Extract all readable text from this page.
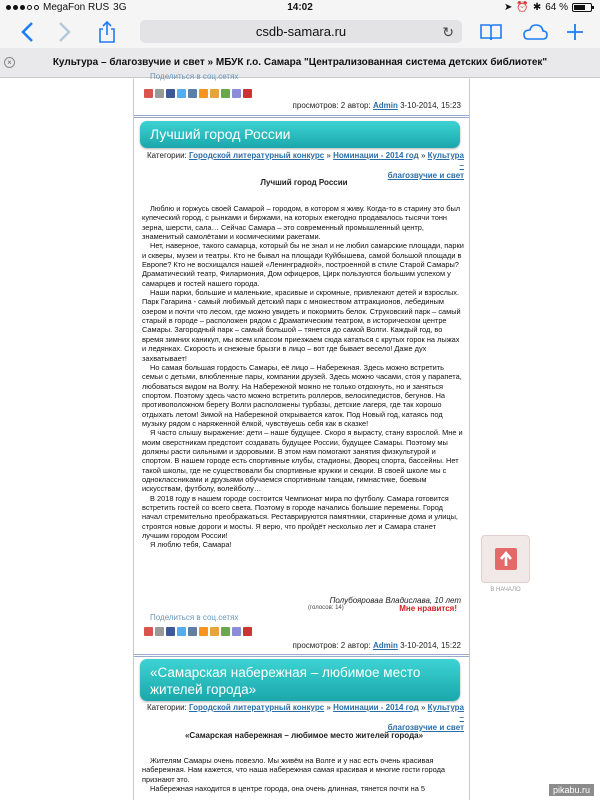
MegaFon RUS 3G	14:02	➤ ⏰ ✱ 64 %
csdb-samara.ru	↻
×	Культура – благозвучие и свет » МБУК г.о. Самара "Централизованная система детских библиотек"
Поделиться в соц.сетях
просмотров: 2 автор: Admin 3-10-2014, 15:23
Лучший город России
Категории: Городской литературный конкурс » Номинации - 2014 год » Культура –
благозвучие и свет
Лучший город России

Люблю и горжусь своей Самарой – городом, в котором я живу. Когда-то в старину это был купеческий город, с рынками и биржами, на которых ежегодно продавалось тысячи тонн зерна, шерсти, сала… Сейчас Самара – это современный промышленный центр, знаменитый самолётами и космическими ракетами.

Нет, наверное, такого самарца, который бы не знал и не любил самарские площади, парки и скверы, музеи и театры. Кто не бывал на площади Куйбышева, самой большой площади в Европе? Кто не восхищался нашей «Ленинградкой», построенной в стиле Старой Самары? Драматический театр, Филармония, Дом офицеров, Цирк пользуются большим успехом у самарцев и гостей нашего города.

Наши парки, большие и маленькие, красивые и скромные, привлекают детей и взрослых. Парк Гагарина - самый любимый детский парк с множеством аттракционов, лебединым озером и почти что лесом, где можно увидеть и покормить белок. Струковский парк – самый старый в городе – расположен рядом с Драматическим театром, в историческом центре Самары. Загородный парк – самый большой – тянется до самой Волги. Каждый год, во время зимних каникул, мы всем классом приезжаем сюда кататься с крутых горок на лыжах и ледянках. Скорость и снежные брызги в лицо – вот где бывает весело! Даже дух захватывает!

Но самая большая гордость Самары, её лицо – Набережная. Здесь можно встретить семьи с детьми, влюбленные пары, компании друзей. Здесь можно часами, стоя у парапета, любоваться видом на Волгу. На Набережной можно не только отдохнуть, но и заняться спортом. Поэтому здесь часто можно встретить роллеров, велосипедистов, бегунов. На противоположном берегу Волги расположены турбазы, детские лагеря, где так хорошо отдыхать летом! Зимой на Набережной открывается каток. Под Новый год, катаясь под музыку рядом с наряженной ёлкой, чувствуешь себя как в сказке!

Я часто слышу выражение: дети – наше будущее. Скоро я вырасту, стану взрослой. Мне и моим сверстникам предстоит создавать будущее России, будущее Самары. Поэтому мы должны расти сильными и здоровыми. В этом нам помогают занятия физкультурой и спортом. В нашем городе есть спортивные клубы, стадионы, Дворец спорта, бассейны. Нет такой школы, где не существовали бы спортивные кружки и секции. В своей школе мы с одноклассниками и друзьями обучаемся спортивным танцам, гимнастике, боевым искусствам, футболу, волейболу…

В 2018 году в нашем городе состоится Чемпионат мира по футболу. Самара готовится встретить гостей со всего света. Поэтому в городе начались большие перемены. Город начал стремительно преображаться. Реставрируются памятники, старинные дома и улицы, строятся новые дороги и мосты. Я верю, что пройдёт несколько лет и Самара станет лучшим городом России!

Я люблю тебя, Самара!

Полубояроваа Владислава, 10 лет
(голосов: 14)	Мне нравится!
Поделиться в соц.сетях
просмотров: 2 автор: Admin 3-10-2014, 15:22
«Самарская набережная – любимое место жителей города»
Категории: Городской литературный конкурс » Номинации - 2014 год » Культура –
благозвучие и свет
«Самарская набережная – любимое место жителей города»

Жителям Самары очень повезло. Мы живём на Волге и у нас есть очень красивая набережная. Нам кажется, что наша набережная самая красивая и многие гости города признают это.

Набережная находится в центре города, она очень длинная, тянется почти на 5

В НАЧАЛО
pikabu.ru
